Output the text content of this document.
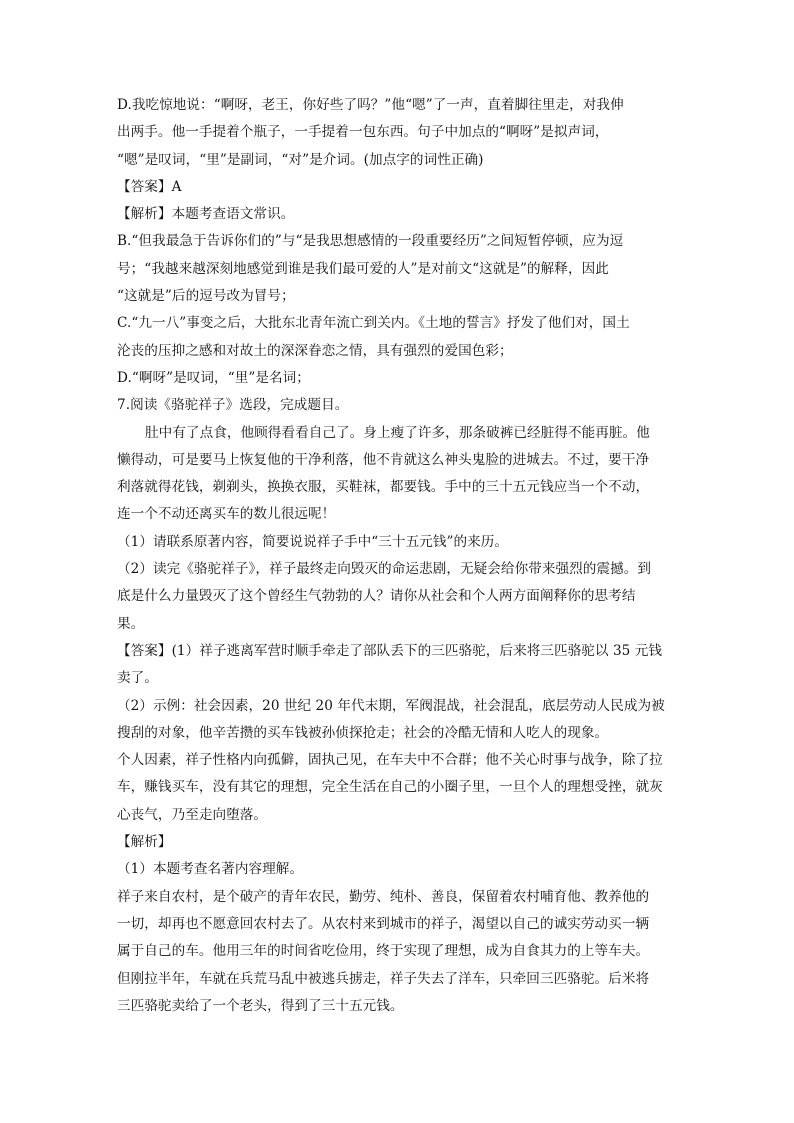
D.我吃惊地说：“啊呀，老王，你好些了吗？”他“嗯”了一声，直着脚往里走，对我伸
出两手。他一手提着个瓶子，一手提着一包东西。句子中加点的“啊呀”是拟声词，
“嗯”是叹词，“里”是副词，“对”是介词。(加点字的词性正确)
【答案】A
【解析】本题考查语文常识。
B.“但我最急于告诉你们的”与“是我思想感情的一段重要经历”之间短暂停顿，应为逗
号；“我越来越深刻地感觉到谁是我们最可爱的人”是对前文“这就是”的解释，因此
“这就是”后的逗号改为冒号；
C.“九一八”事变之后，大批东北青年流亡到关内。《土地的誓言》抒发了他们对，国土
沦丧的压抑之感和对故土的深深眷恋之情，具有强烈的爱国色彩；
D.“啊呀”是叹词，“里”是名词；
7.阅读《骆驼祥子》选段，完成题目。
肚中有了点食，他顾得看看自己了。身上瘦了许多，那条破裤已经脏得不能再脏。他
懒得动，可是要马上恢复他的干净利落，他不肯就这么神头鬼脸的进城去。不过，要干净
利落就得花钱，剃剃头，换换衣服，买鞋袜，都要钱。手中的三十五元钱应当一个不动，
连一个不动还离买车的数儿很远呢！
（1）请联系原著内容，简要说说祥子手中“三十五元钱”的来历。
（2）读完《骆驼祥子》，祥子最终走向毁灭的命运悲剧，无疑会给你带来强烈的震撼。到
底是什么力量毁灭了这个曾经生气勃勃的人？请你从社会和个人两方面阐释你的思考结
果。
【答案】(1）祥子逃离军营时顺手牵走了部队丢下的三匹骆驼，后来将三匹骆驼以 35 元钱
卖了。
（2）示例：社会因素，20 世纪 20 年代末期，军阀混战，社会混乱，底层劳动人民成为被
搜刮的对象，他辛苦攒的买车钱被孙侦探抢走；社会的冷酷无情和人吃人的现象。
个人因素，祥子性格内向孤僻，固执己见，在车夫中不合群；他不关心时事与战争，除了拉
车，赚钱买车，没有其它的理想，完全生活在自己的小圈子里，一旦个人的理想受挫，就灰
心丧气，乃至走向堕落。
【解析】
（1）本题考查名著内容理解。
祥子来自农村，是个破产的青年农民，勤劳、纯朴、善良，保留着农村哺育他、教养他的
一切，却再也不愿意回农村去了。从农村来到城市的祥子，渴望以自己的诚实劳动买一辆
属于自己的车。他用三年的时间省吃俭用，终于实现了理想，成为自食其力的上等车夫。
但刚拉半年，车就在兵荒马乱中被逃兵掳走，祥子失去了洋车，只牵回三匹骆驼。后米将
三匹骆驼卖给了一个老头，得到了三十五元钱。
